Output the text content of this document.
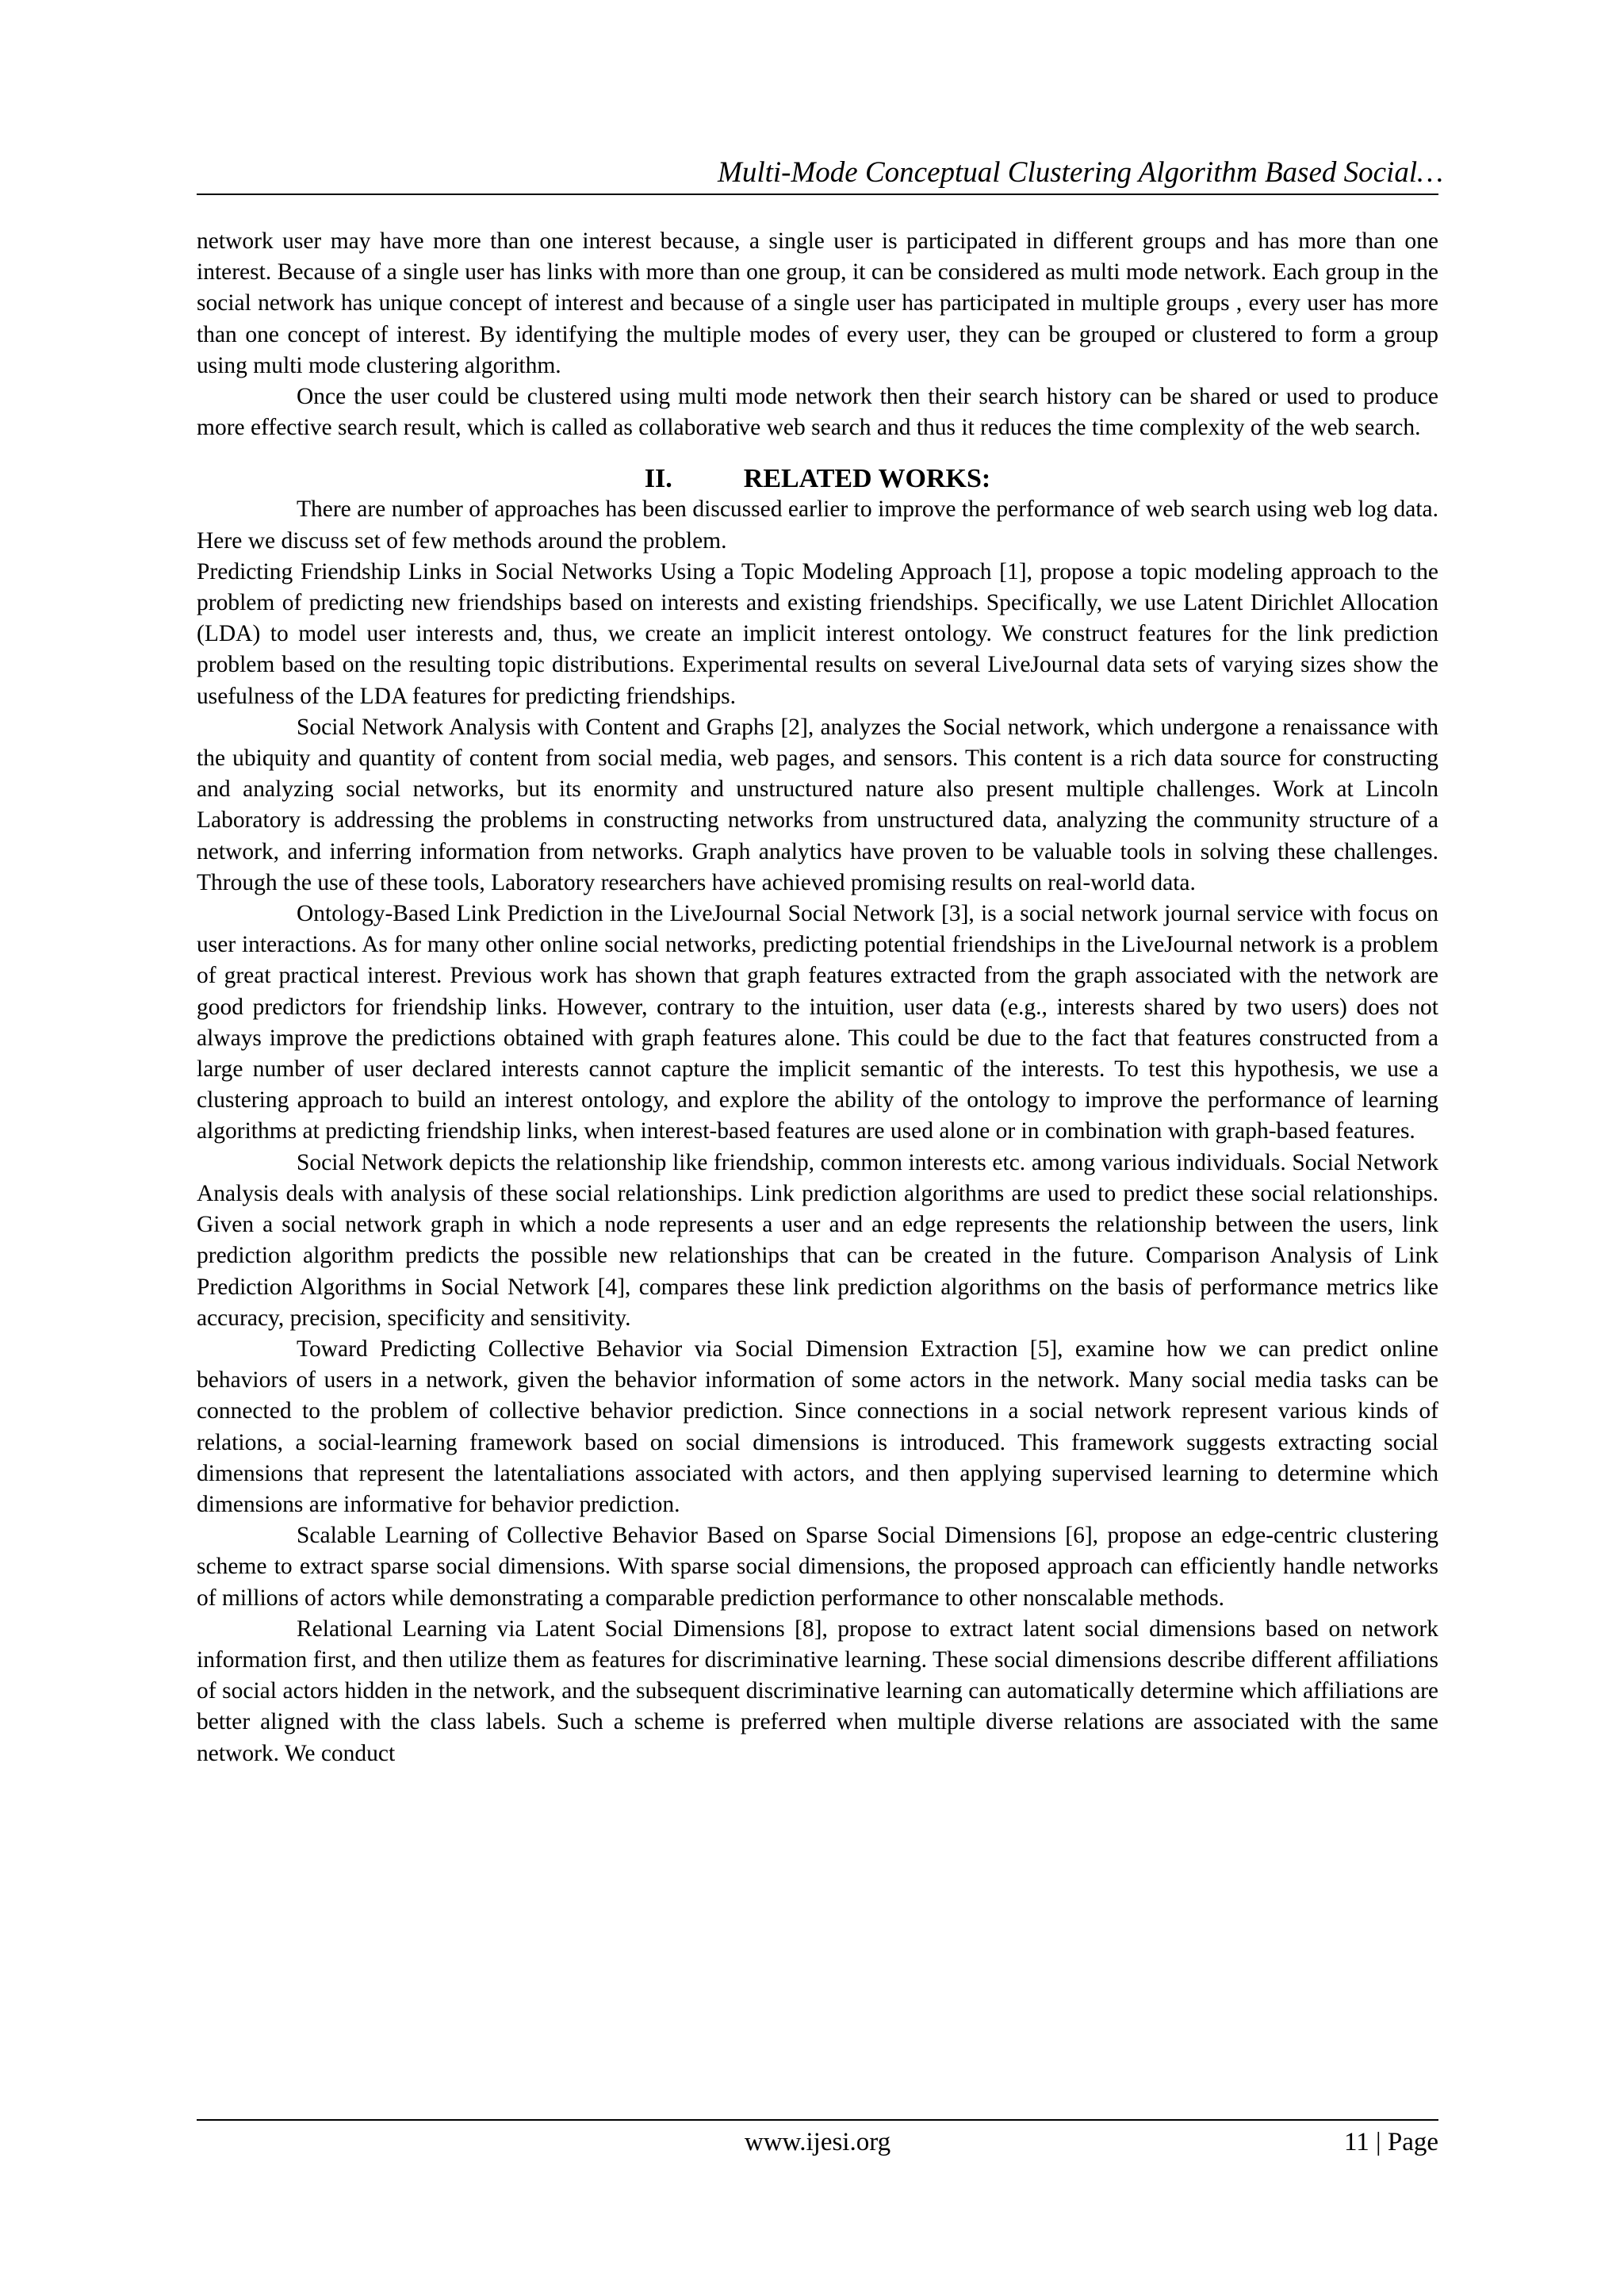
Multi-Mode Conceptual Clustering Algorithm Based Social…

network user may have more than one interest because, a single user is participated in different groups and has more than one interest. Because of a single user has links with more than one group, it can be considered as multi mode network. Each group in the social network has unique concept of interest and because of a single user has participated in multiple groups , every user has more than one concept of interest. By identifying the multiple modes of every user, they can be grouped or clustered to form a group using multi mode clustering algorithm.

Once the user could be clustered using multi mode network then their search history can be shared or used to produce more effective search result, which is called as collaborative web search and thus it reduces the time complexity of the web search.

II.	RELATED WORKS:

There are number of approaches has been discussed earlier to improve the performance of web search using web log data. Here we discuss set of few methods around the problem.

Predicting Friendship Links in Social Networks Using a Topic Modeling Approach [1], propose a topic modeling approach to the problem of predicting new friendships based on interests and existing friendships. Specifically, we use Latent Dirichlet Allocation (LDA) to model user interests and, thus, we create an implicit interest ontology. We construct features for the link prediction problem based on the resulting topic distributions. Experimental results on several LiveJournal data sets of varying sizes show the usefulness of the LDA features for predicting friendships.

Social Network Analysis with Content and Graphs [2], analyzes the Social network, which undergone a renaissance with the ubiquity and quantity of content from social media, web pages, and sensors. This content is a rich data source for constructing and analyzing social networks, but its enormity and unstructured nature also present multiple challenges. Work at Lincoln Laboratory is addressing the problems in constructing networks from unstructured data, analyzing the community structure of a network, and inferring information from networks. Graph analytics have proven to be valuable tools in solving these challenges. Through the use of these tools, Laboratory researchers have achieved promising results on real-world data.

Ontology-Based Link Prediction in the LiveJournal Social Network [3], is a social network journal service with focus on user interactions. As for many other online social networks, predicting potential friendships in the LiveJournal network is a problem of great practical interest. Previous work has shown that graph features extracted from the graph associated with the network are good predictors for friendship links. However, contrary to the intuition, user data (e.g., interests shared by two users) does not always improve the predictions obtained with graph features alone. This could be due to the fact that features constructed from a large number of user declared interests cannot capture the implicit semantic of the interests. To test this hypothesis, we use a clustering approach to build an interest ontology, and explore the ability of the ontology to improve the performance of learning algorithms at predicting friendship links, when interest-based features are used alone or in combination with graph-based features.

Social Network depicts the relationship like friendship, common interests etc. among various individuals. Social Network Analysis deals with analysis of these social relationships. Link prediction algorithms are used to predict these social relationships. Given a social network graph in which a node represents a user and an edge represents the relationship between the users, link prediction algorithm predicts the possible new relationships that can be created in the future. Comparison Analysis of Link Prediction Algorithms in Social Network [4], compares these link prediction algorithms on the basis of performance metrics like accuracy, precision, specificity and sensitivity.

Toward Predicting Collective Behavior via Social Dimension Extraction [5], examine how we can predict online behaviors of users in a network, given the behavior information of some actors in the network. Many social media tasks can be connected to the problem of collective behavior prediction. Since connections in a social network represent various kinds of relations, a social-learning framework based on social dimensions is introduced. This framework suggests extracting social dimensions that represent the latentaliations associated with actors, and then applying supervised learning to determine which dimensions are informative for behavior prediction.

Scalable Learning of Collective Behavior Based on Sparse Social Dimensions [6], propose an edge-centric clustering scheme to extract sparse social dimensions. With sparse social dimensions, the proposed approach can efficiently handle networks of millions of actors while demonstrating a comparable prediction performance to other nonscalable methods.

Relational Learning via Latent Social Dimensions [8], propose to extract latent social dimensions based on network information first, and then utilize them as features for discriminative learning. These social dimensions describe different affiliations of social actors hidden in the network, and the subsequent discriminative learning can automatically determine which affiliations are better aligned with the class labels. Such a scheme is preferred when multiple diverse relations are associated with the same network. We conduct

www.ijesi.org	11 | Page
